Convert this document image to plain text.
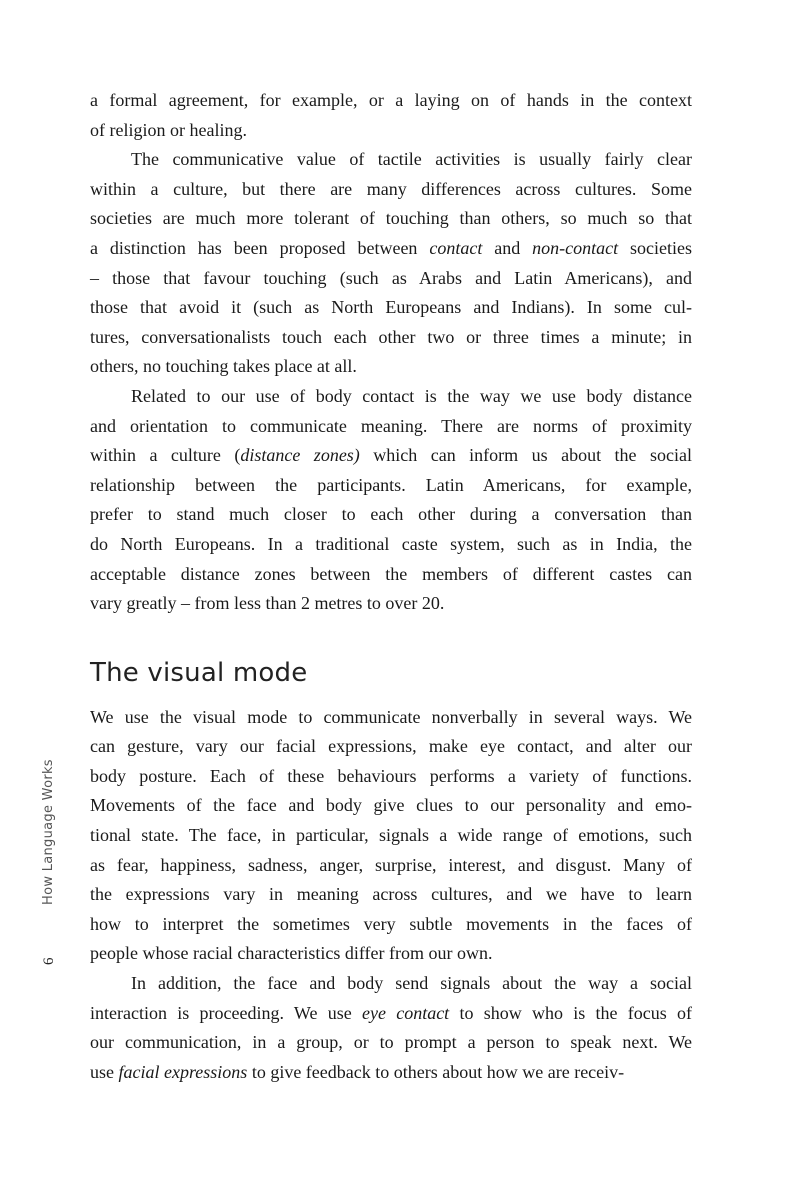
a formal agreement, for example, or a laying on of hands in the context
of religion or healing.
The communicative value of tactile activities is usually fairly clear
within a culture, but there are many differences across cultures. Some
societies are much more tolerant of touching than others, so much so that
a distinction has been proposed between contact and non-contact societies
– those that favour touching (such as Arabs and Latin Americans), and
those that avoid it (such as North Europeans and Indians). In some cul-
tures, conversationalists touch each other two or three times a minute; in
others, no touching takes place at all.
Related to our use of body contact is the way we use body distance
and orientation to communicate meaning. There are norms of proximity
within a culture (distance zones) which can inform us about the social
relationship between the participants. Latin Americans, for example,
prefer to stand much closer to each other during a conversation than
do North Europeans. In a traditional caste system, such as in India, the
acceptable distance zones between the members of different castes can
vary greatly – from less than 2 metres to over 20.
The visual mode
We use the visual mode to communicate nonverbally in several ways. We
can gesture, vary our facial expressions, make eye contact, and alter our
body posture. Each of these behaviours performs a variety of functions.
Movements of the face and body give clues to our personality and emo-
tional state. The face, in particular, signals a wide range of emotions, such
as fear, happiness, sadness, anger, surprise, interest, and disgust. Many of
the expressions vary in meaning across cultures, and we have to learn
how to interpret the sometimes very subtle movements in the faces of
people whose racial characteristics differ from our own.
In addition, the face and body send signals about the way a social
interaction is proceeding. We use eye contact to show who is the focus of
our communication, in a group, or to prompt a person to speak next. We
use facial expressions to give feedback to others about how we are receiv-
How Language Works
6
